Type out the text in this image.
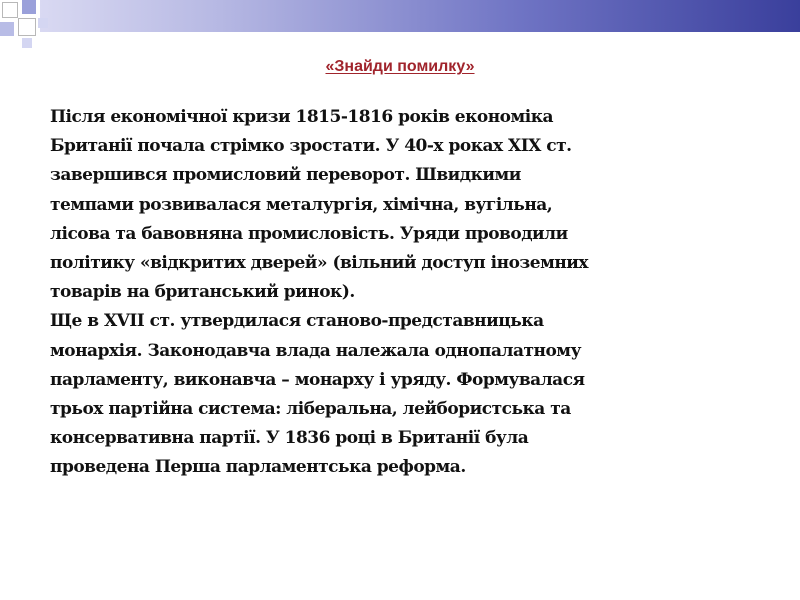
«Знайди помилку»
Після економічної кризи 1815-1816 років економіка
Британії почала стрімко зростати. У 40-х роках ХІХ ст.
завершився промисловий переворот. Швидкими
темпами розвивалася металургія, хімічна, вугільна,
лісова та бавовняна промисловість. Уряди проводили
політику «відкритих дверей» (вільний доступ іноземних
товарів на британський ринок).
Ще в XVII ст. утвердилася станово-представницька
монархія. Законодавча влада належала однопалатному
парламенту, виконавча – монарху і уряду. Формувалася
трьох партійна система: ліберальна, лейбористська та
консервативна партії. У 1836 році в Британії була
проведена Перша парламентська реформа.
